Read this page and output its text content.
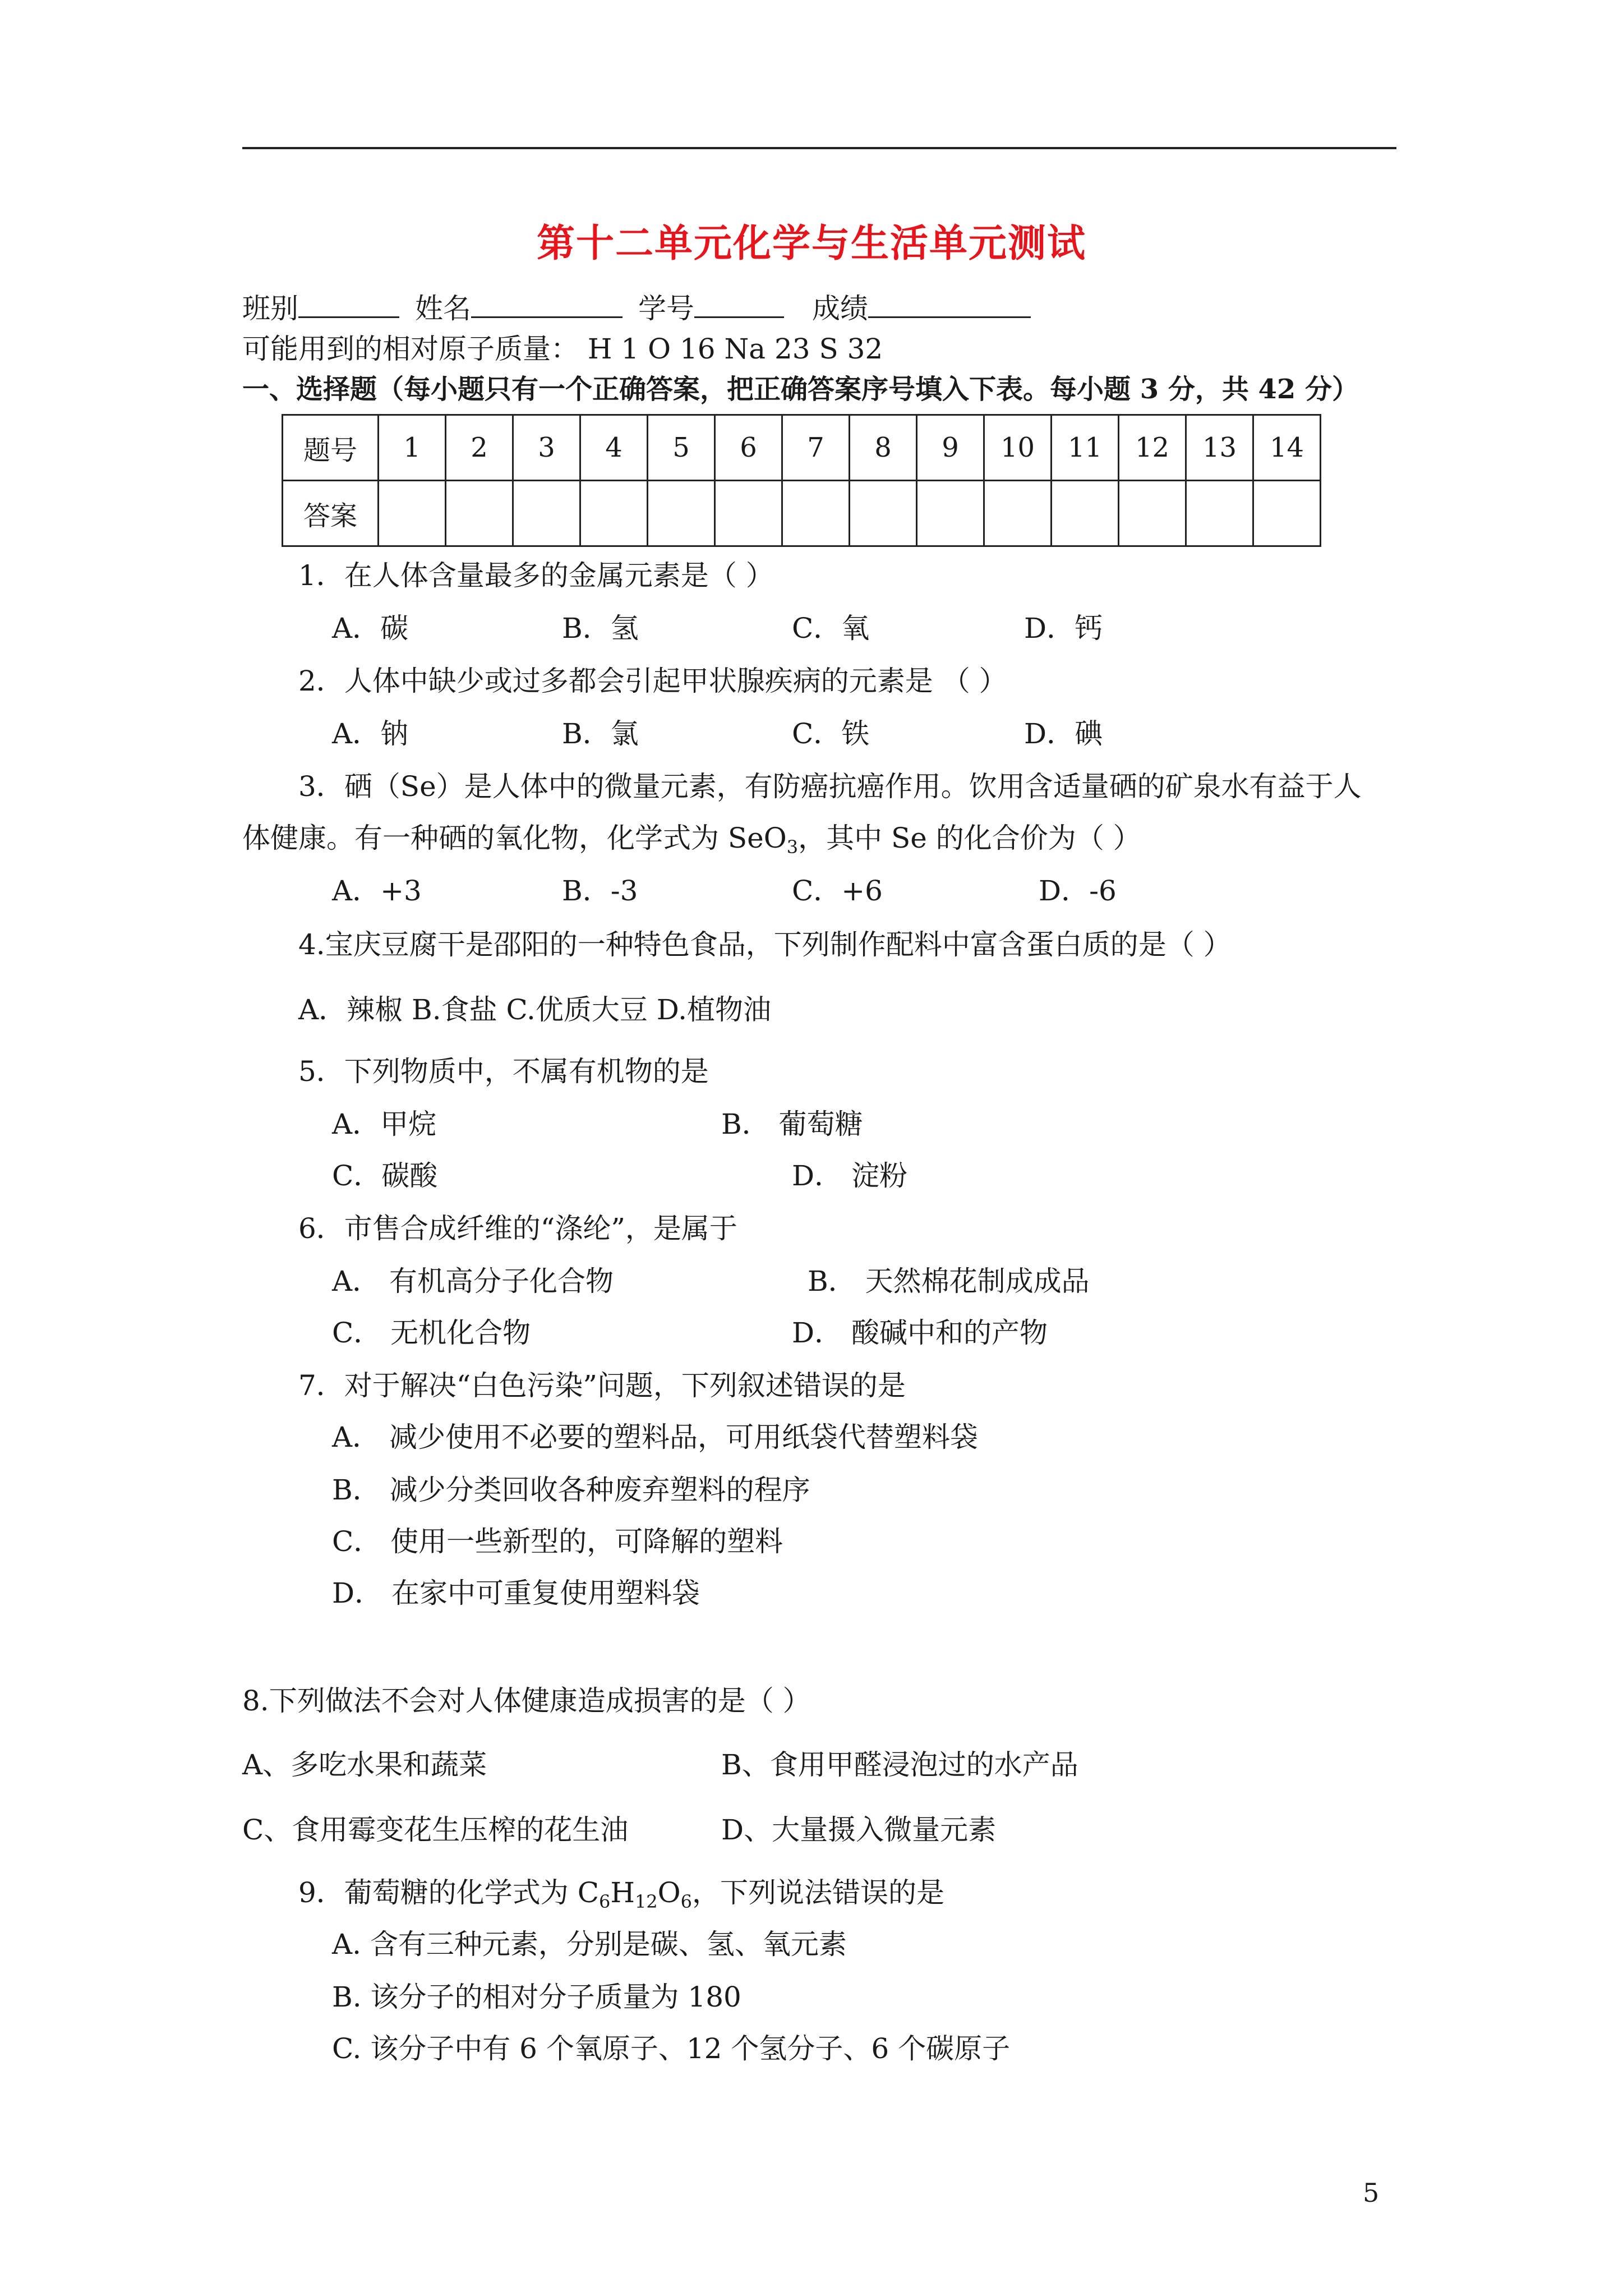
第十二单元化学与生活单元测试
班别	姓名	学号	成绩
可能用到的相对原子质量： H 1 O 16 Na 23 S 32
一、选择题（每小题只有一个正确答案，把正确答案序号填入下表。每小题 3 分，共 42 分）
题号	1	2	3	4	5	6	7	8	9	10	11	12	13	14
答案														
1．在人体含量最多的金属元素是（ ）
A．碳	B．氢	C．氧	D．钙
2．人体中缺少或过多都会引起甲状腺疾病的元素是 （ ）
A．钠	B．氯	C．铁	D．碘
3．硒（Se）是人体中的微量元素，有防癌抗癌作用。饮用含适量硒的矿泉水有益于人
体健康。有一种硒的氧化物，化学式为 SeO$_3$，其中 Se 的化合价为（ ）
A．+3	B．-3	C．+6	D．-6
4.宝庆豆腐干是邵阳的一种特色食品，下列制作配料中富含蛋白质的是（ ）
A．辣椒 B.食盐 C.优质大豆 D.植物油
5．下列物质中，不属有机物的是
A．甲烷	B． 葡萄糖
C．碳酸	D． 淀粉
6．市售合成纤维的“涤纶”，是属于
A． 有机高分子化合物	B． 天然棉花制成成品
C． 无机化合物	D． 酸碱中和的产物
7．对于解决“白色污染”问题，下列叙述错误的是
A． 减少使用不必要的塑料品，可用纸袋代替塑料袋
B． 减少分类回收各种废弃塑料的程序
C． 使用一些新型的，可降解的塑料
D． 在家中可重复使用塑料袋
8.下列做法不会对人体健康造成损害的是（ ）
A、多吃水果和蔬菜	B、食用甲醛浸泡过的水产品
C、食用霉变花生压榨的花生油	D、大量摄入微量元素
9．葡萄糖的化学式为 $C_6H_{12}O_6$，下列说法错误的是
A. 含有三种元素，分别是碳、氢、氧元素
B. 该分子的相对分子质量为 180
C. 该分子中有 6 个氧原子、12 个氢分子、6 个碳原子
5
